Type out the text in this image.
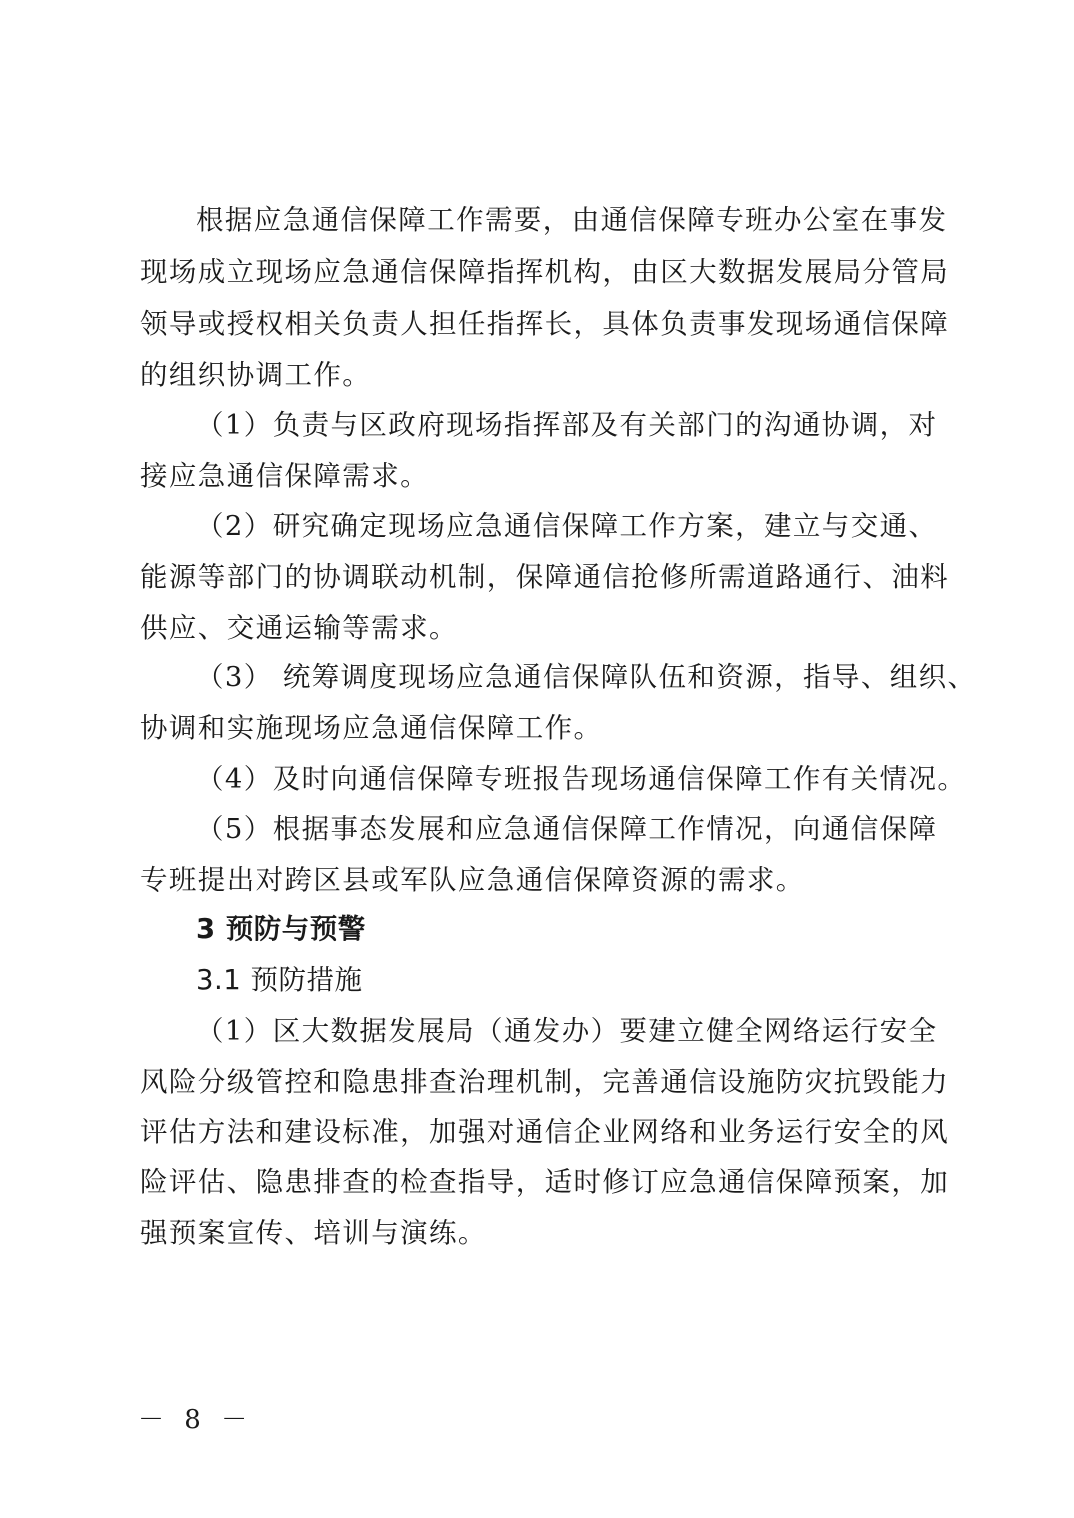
根据应急通信保障工作需要，由通信保障专班办公室在事发
现场成立现场应急通信保障指挥机构，由区大数据发展局分管局
领导或授权相关负责人担任指挥长，具体负责事发现场通信保障
的组织协调工作。
（1）负责与区政府现场指挥部及有关部门的沟通协调，对
接应急通信保障需求。
（2）研究确定现场应急通信保障工作方案，建立与交通、
能源等部门的协调联动机制，保障通信抢修所需道路通行、油料
供应、交通运输等需求。
（3） 统筹调度现场应急通信保障队伍和资源，指导、组织、
协调和实施现场应急通信保障工作。
（4）及时向通信保障专班报告现场通信保障工作有关情况。
（5）根据事态发展和应急通信保障工作情况，向通信保障
专班提出对跨区县或军队应急通信保障资源的需求。
3 预防与预警
3.1 预防措施
（1）区大数据发展局（通发办）要建立健全网络运行安全
风险分级管控和隐患排查治理机制，完善通信设施防灾抗毁能力
评估方法和建设标准，加强对通信企业网络和业务运行安全的风
险评估、隐患排查的检查指导，适时修订应急通信保障预案，加
强预案宣传、培训与演练。
－ 8 －
